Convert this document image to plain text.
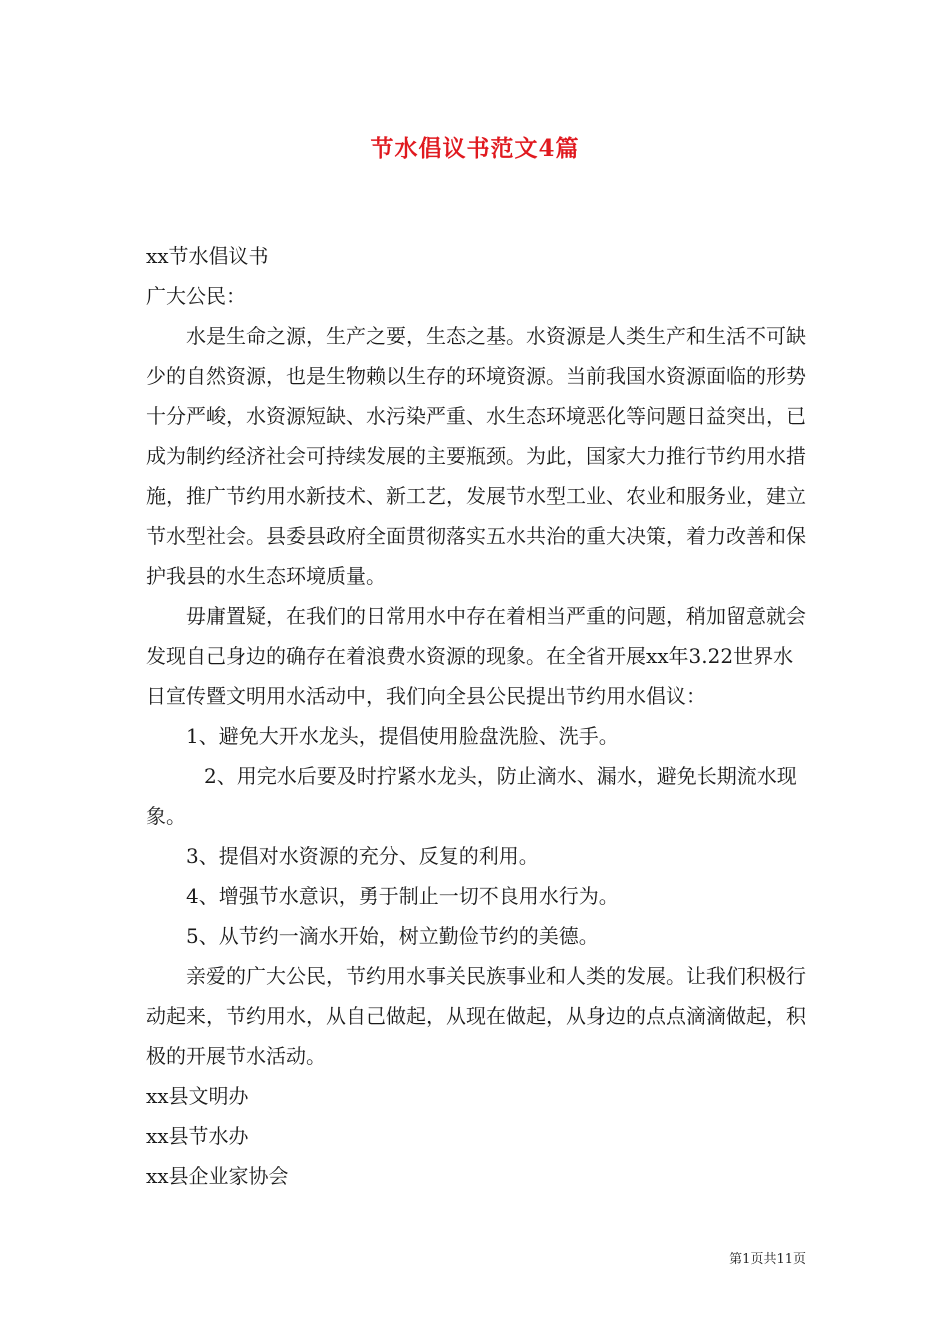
节水倡议书范文4篇

xx节水倡议书

广大公民：

水是生命之源，生产之要，生态之基。水资源是人类生产和生活不可缺少的自然资源，也是生物赖以生存的环境资源。当前我国水资源面临的形势十分严峻，水资源短缺、水污染严重、水生态环境恶化等问题日益突出，已成为制约经济社会可持续发展的主要瓶颈。为此，国家大力推行节约用水措施，推广节约用水新技术、新工艺，发展节水型工业、农业和服务业，建立节水型社会。县委县政府全面贯彻落实五水共治的重大决策，着力改善和保护我县的水生态环境质量。

毋庸置疑，在我们的日常用水中存在着相当严重的问题，稍加留意就会发现自己身边的确存在着浪费水资源的现象。在全省开展xx年3.22世界水日宣传暨文明用水活动中，我们向全县公民提出节约用水倡议：

1、避免大开水龙头，提倡使用脸盘洗脸、洗手。

2、用完水后要及时拧紧水龙头，防止滴水、漏水，避免长期流水现象。

3、提倡对水资源的充分、反复的利用。

4、增强节水意识，勇于制止一切不良用水行为。

5、从节约一滴水开始，树立勤俭节约的美德。

亲爱的广大公民，节约用水事关民族事业和人类的发展。让我们积极行动起来，节约用水，从自己做起，从现在做起，从身边的点点滴滴做起，积极的开展节水活动。

xx县文明办

xx县节水办

xx县企业家协会

第1页共11页
